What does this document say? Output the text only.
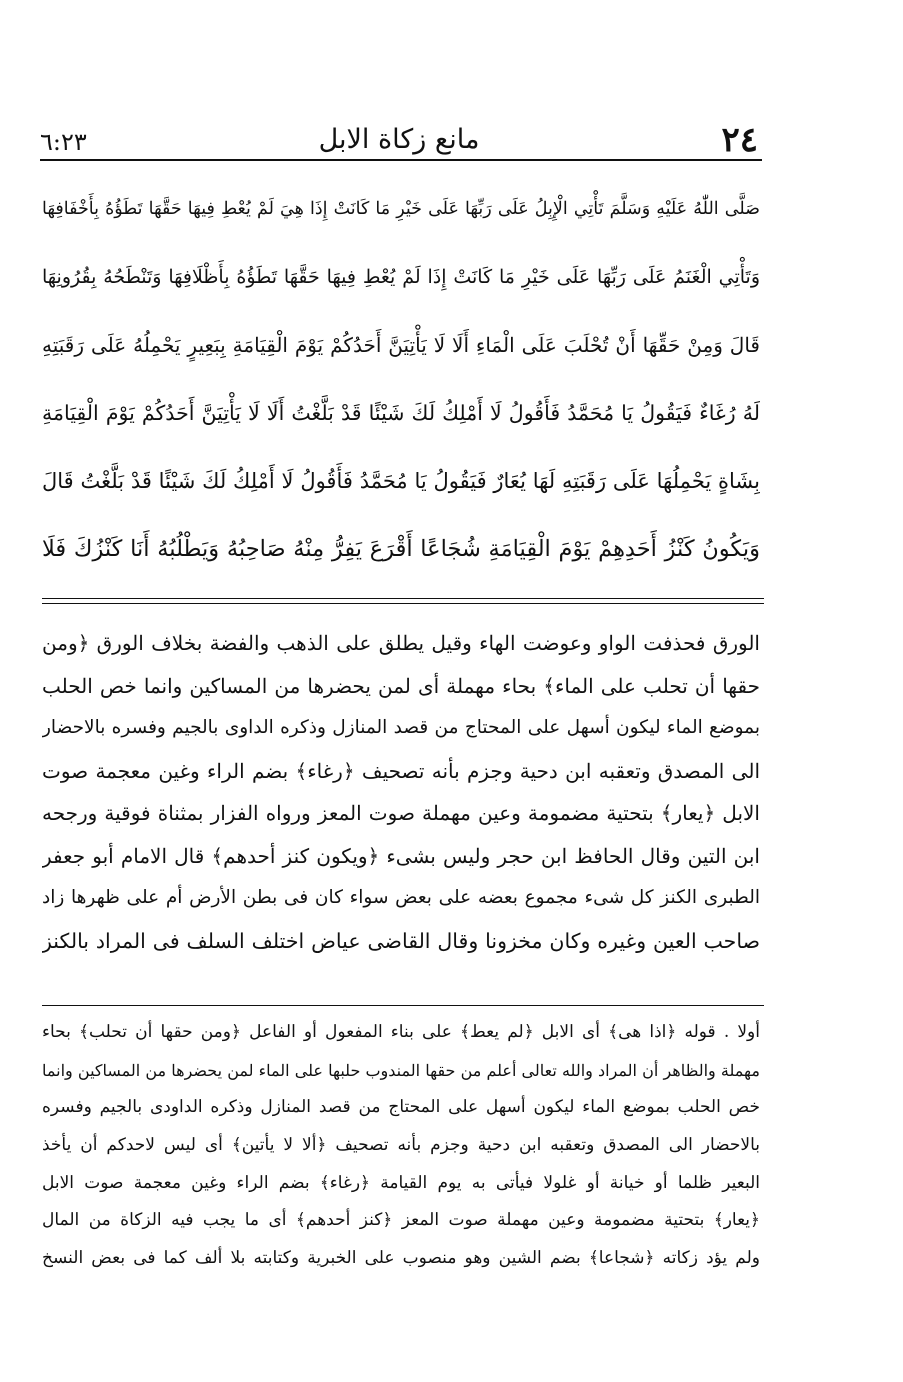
٢٤
مانع زكاة الابل
٦:٢٣
صَلَّى اللّٰهُ عَلَيْهِ وَسَلَّمَ تَأْتِي الْإِبِلُ عَلَى رَبِّهَا عَلَى خَيْرِ مَا كَانَتْ إِذَا هِيَ لَمْ يُعْطِ فِيهَا حَقَّهَا تَطَؤُهُ بِأَخْفَافِهَا
وَتَأْتِي الْغَنَمُ عَلَى رَبِّهَا عَلَى خَيْرِ مَا كَانَتْ إِذَا لَمْ يُعْطِ فِيهَا حَقَّهَا تَطَؤُهُ بِأَظْلَافِهَا وَتَنْطَحُهُ بِقُرُونِهَا
قَالَ وَمِنْ حَقِّهَا أَنْ تُحْلَبَ عَلَى الْمَاءِ أَلَا لَا يَأْتِيَنَّ أَحَدُكُمْ يَوْمَ الْقِيَامَةِ بِبَعِيرٍ يَحْمِلُهُ عَلَى رَقَبَتِهِ
لَهُ رُغَاءٌ فَيَقُولُ يَا مُحَمَّدُ فَأَقُولُ لَا أَمْلِكُ لَكَ شَيْئًا قَدْ بَلَّغْتُ أَلَا لَا يَأْتِيَنَّ أَحَدُكُمْ يَوْمَ الْقِيَامَةِ
بِشَاةٍ يَحْمِلُهَا عَلَى رَقَبَتِهِ لَهَا يُعَارٌ فَيَقُولُ يَا مُحَمَّدُ فَأَقُولُ لَا أَمْلِكُ لَكَ شَيْئًا قَدْ بَلَّغْتُ قَالَ
وَيَكُونُ كَنْزُ أَحَدِهِمْ يَوْمَ الْقِيَامَةِ شُجَاعًا أَقْرَعَ يَفِرُّ مِنْهُ صَاحِبُهُ وَيَطْلُبُهُ أَنَا كَنْزُكَ فَلَا
الورق فحذفت الواو وعوضت الهاء وقيل يطلق على الذهب والفضة بخلاف الورق ﴿ومن
حقها أن تحلب على الماء﴾ بحاء مهملة أى لمن يحضرها من المساكين وانما خص الحلب
بموضع الماء ليكون أسهل على المحتاج من قصد المنازل وذكره الداوى بالجيم وفسره بالاحضار
الى المصدق وتعقبه ابن دحية وجزم بأنه تصحيف ﴿رغاء﴾ بضم الراء وغين معجمة صوت
الابل ﴿يعار﴾ بتحتية مضمومة وعين مهملة صوت المعز ورواه الفزار بمثناة فوقية ورجحه
ابن التين وقال الحافظ ابن حجر وليس بشىء ﴿ويكون كنز أحدهم﴾ قال الامام أبو جعفر
الطبرى الكنز كل شىء مجموع بعضه على بعض سواء كان فى بطن الأرض أم على ظهرها زاد
صاحب العين وغيره وكان مخزونا وقال القاضى عياض اختلف السلف فى المراد بالكنز
أولا . قوله ﴿اذا هى﴾ أى الابل ﴿لم يعط﴾ على بناء المفعول أو الفاعل ﴿ومن حقها أن تحلب﴾ بحاء
مهملة والظاهر أن المراد والله تعالى أعلم من حقها المندوب حلبها على الماء لمن يحضرها من المساكين وانما
خص الحلب بموضع الماء ليكون أسهل على المحتاج من قصد المنازل وذكره الداودى بالجيم وفسره
بالاحضار الى المصدق وتعقبه ابن دحية وجزم بأنه تصحيف ﴿ألا لا يأتين﴾ أى ليس لاحدكم أن يأخذ
البعير ظلما أو خيانة أو غلولا فيأتى به يوم القيامة ﴿رغاء﴾ بضم الراء وغين معجمة صوت الابل
﴿يعار﴾ بتحتية مضمومة وعين مهملة صوت المعز ﴿كنز أحدهم﴾ أى ما يجب فيه الزكاة من المال
ولم يؤد زكاته ﴿شجاعا﴾ بضم الشين وهو منصوب على الخبرية وكتابته بلا ألف كما فى بعض النسخ
